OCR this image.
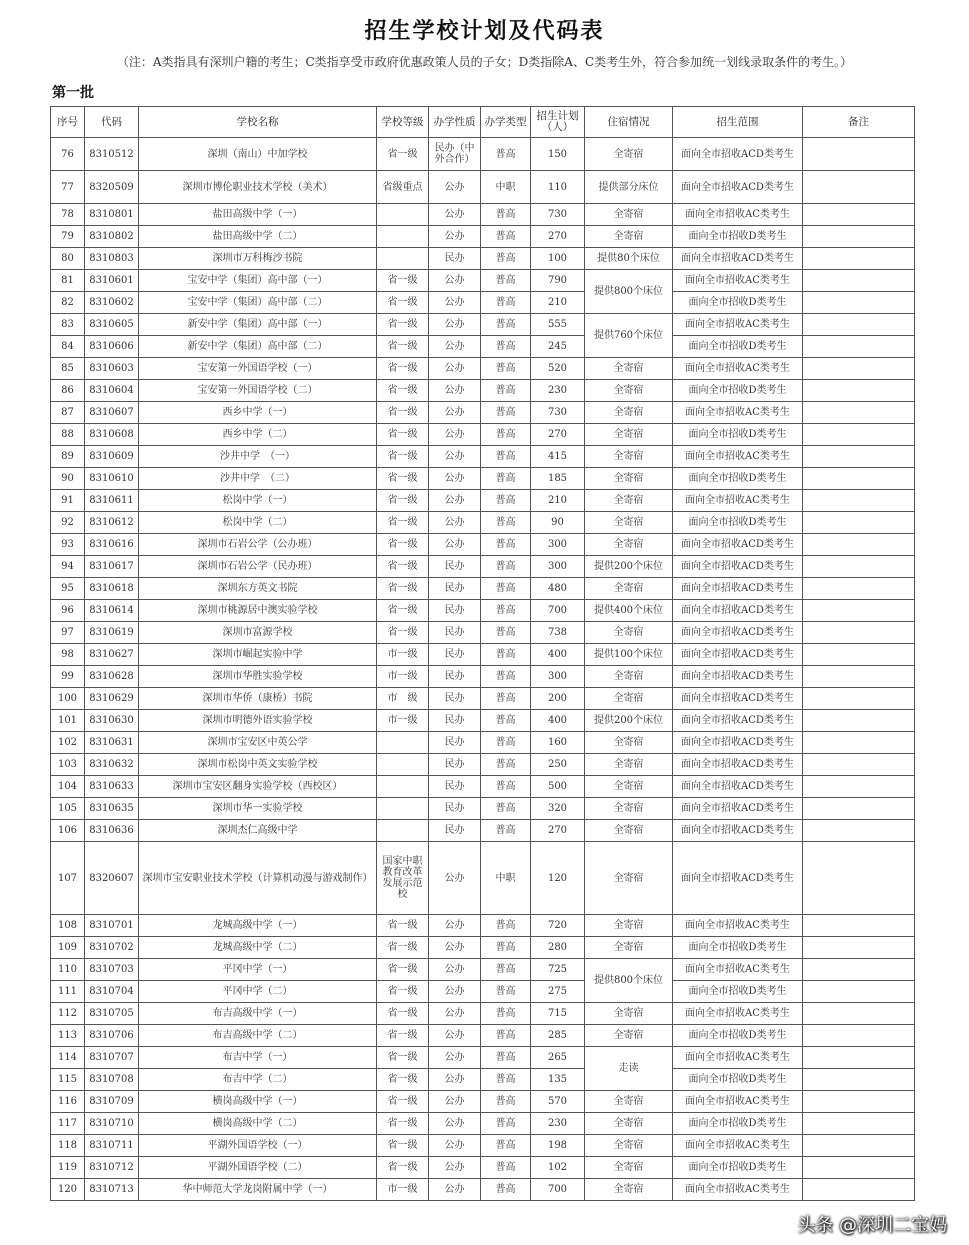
招生学校计划及代码表
（注：A类指具有深圳户籍的考生；C类指享受市政府优惠政策人员的子女；D类指除A、C类考生外，符合参加统一划线录取条件的考生。）
第一批
序号	代码	学校名称	学校等级	办学性质	办学类型	招生计划（人）	住宿情况	招生范围	备注
76	8310512	深圳（南山）中加学校	省一级	民办（中外合作）	普高	150	全寄宿	面向全市招收ACD类考生	
77	8320509	深圳市博伦职业技术学校（美术）	省级重点	公办	中职	110	提供部分床位	面向全市招收ACD类考生	
78	8310801	盐田高级中学（一）		公办	普高	730	全寄宿	面向全市招收AC类考生	
79	8310802	盐田高级中学（二）		公办	普高	270	全寄宿	面向全市招收D类考生	
80	8310803	深圳市万科梅沙书院		民办	普高	100	提供80个床位	面向全市招收ACD类考生	
81	8310601	宝安中学（集团）高中部（一）	省一级	公办	普高	790	提供800个床位	面向全市招收AC类考生	
82	8310602	宝安中学（集团）高中部（二）	省一级	公办	普高	210		面向全市招收D类考生	
83	8310605	新安中学（集团）高中部（一）	省一级	公办	普高	555	提供760个床位	面向全市招收AC类考生	
84	8310606	新安中学（集团）高中部（二）	省一级	公办	普高	245		面向全市招收D类考生	
85	8310603	宝安第一外国语学校（一）	省一级	公办	普高	520	全寄宿	面向全市招收AC类考生	
86	8310604	宝安第一外国语学校（二）	省一级	公办	普高	230	全寄宿	面向全市招收D类考生	
87	8310607	西乡中学（一）	省一级	公办	普高	730	全寄宿	面向全市招收AC类考生	
88	8310608	西乡中学（二）	省一级	公办	普高	270	全寄宿	面向全市招收D类考生	
89	8310609	沙井中学　（一）	省一级	公办	普高	415	全寄宿	面向全市招收AC类考生	
90	8310610	沙井中学　（二）	省一级	公办	普高	185	全寄宿	面向全市招收D类考生	
91	8310611	松岗中学（一）	省一级	公办	普高	210	全寄宿	面向全市招收AC类考生	
92	8310612	松岗中学（二）	省一级	公办	普高	90	全寄宿	面向全市招收D类考生	
93	8310616	深圳市石岩公学（公办班）	省一级	公办	普高	300	全寄宿	面向全市招收ACD类考生	
94	8310617	深圳市石岩公学（民办班）	省一级	民办	普高	300	提供200个床位	面向全市招收ACD类考生	
95	8310618	深圳东方英文书院	省一级	民办	普高	480	全寄宿	面向全市招收ACD类考生	
96	8310614	深圳市桃源居中澳实验学校	省一级	民办	普高	700	提供400个床位	面向全市招收ACD类考生	
97	8310619	深圳市富源学校	省一级	民办	普高	738	全寄宿	面向全市招收ACD类考生	
98	8310627	深圳市崛起实验中学	市一级	民办	普高	400	提供100个床位	面向全市招收ACD类考生	
99	8310628	深圳市华胜实验学校	市一级	民办	普高	300	全寄宿	面向全市招收ACD类考生	
100	8310629	深圳市华侨（康桥）书院	市　级	民办	普高	200	全寄宿	面向全市招收ACD类考生	
101	8310630	深圳市明德外语实验学校	市一级	民办	普高	400	提供200个床位	面向全市招收ACD类考生	
102	8310631	深圳市宝安区中英公学		民办	普高	160	全寄宿	面向全市招收ACD类考生	
103	8310632	深圳市松岗中英文实验学校		民办	普高	250	全寄宿	面向全市招收ACD类考生	
104	8310633	深圳市宝安区翻身实验学校（西校区）		民办	普高	500	全寄宿	面向全市招收ACD类考生	
105	8310635	深圳市华一实验学校		民办	普高	320	全寄宿	面向全市招收ACD类考生	
106	8310636	深圳杰仁高级中学		民办	普高	270	全寄宿	面向全市招收ACD类考生	
107	8320607	深圳市宝安职业技术学校（计算机动漫与游戏制作）	国家中职教育改革发展示范校	公办	中职	120	全寄宿	面向全市招收ACD类考生	
108	8310701	龙城高级中学（一）	省一级	公办	普高	720	全寄宿	面向全市招收AC类考生	
109	8310702	龙城高级中学（二）	省一级	公办	普高	280	全寄宿	面向全市招收D类考生	
110	8310703	平冈中学（一）	省一级	公办	普高	725	提供800个床位	面向全市招收AC类考生	
111	8310704	平冈中学（二）	省一级	公办	普高	275		面向全市招收D类考生	
112	8310705	布吉高级中学（一）	省一级	公办	普高	715	全寄宿	面向全市招收AC类考生	
113	8310706	布吉高级中学（二）	省一级	公办	普高	285	全寄宿	面向全市招收D类考生	
114	8310707	布吉中学（一）	省一级	公办	普高	265	走读	面向全市招收AC类考生	
115	8310708	布吉中学（二）	省一级	公办	普高	135		面向全市招收D类考生	
116	8310709	横岗高级中学（一）	省一级	公办	普高	570	全寄宿	面向全市招收AC类考生	
117	8310710	横岗高级中学（二）	省一级	公办	普高	230	全寄宿	面向全市招收D类考生	
118	8310711	平湖外国语学校（一）	省一级	公办	普高	198	全寄宿	面向全市招收AC类考生	
119	8310712	平湖外国语学校（二）	省一级	公办	普高	102	全寄宿	面向全市招收D类考生	
120	8310713	华中师范大学龙岗附属中学（一）	市一级	公办	普高	700	全寄宿	面向全市招收AC类考生	
头条 @深圳二宝妈
